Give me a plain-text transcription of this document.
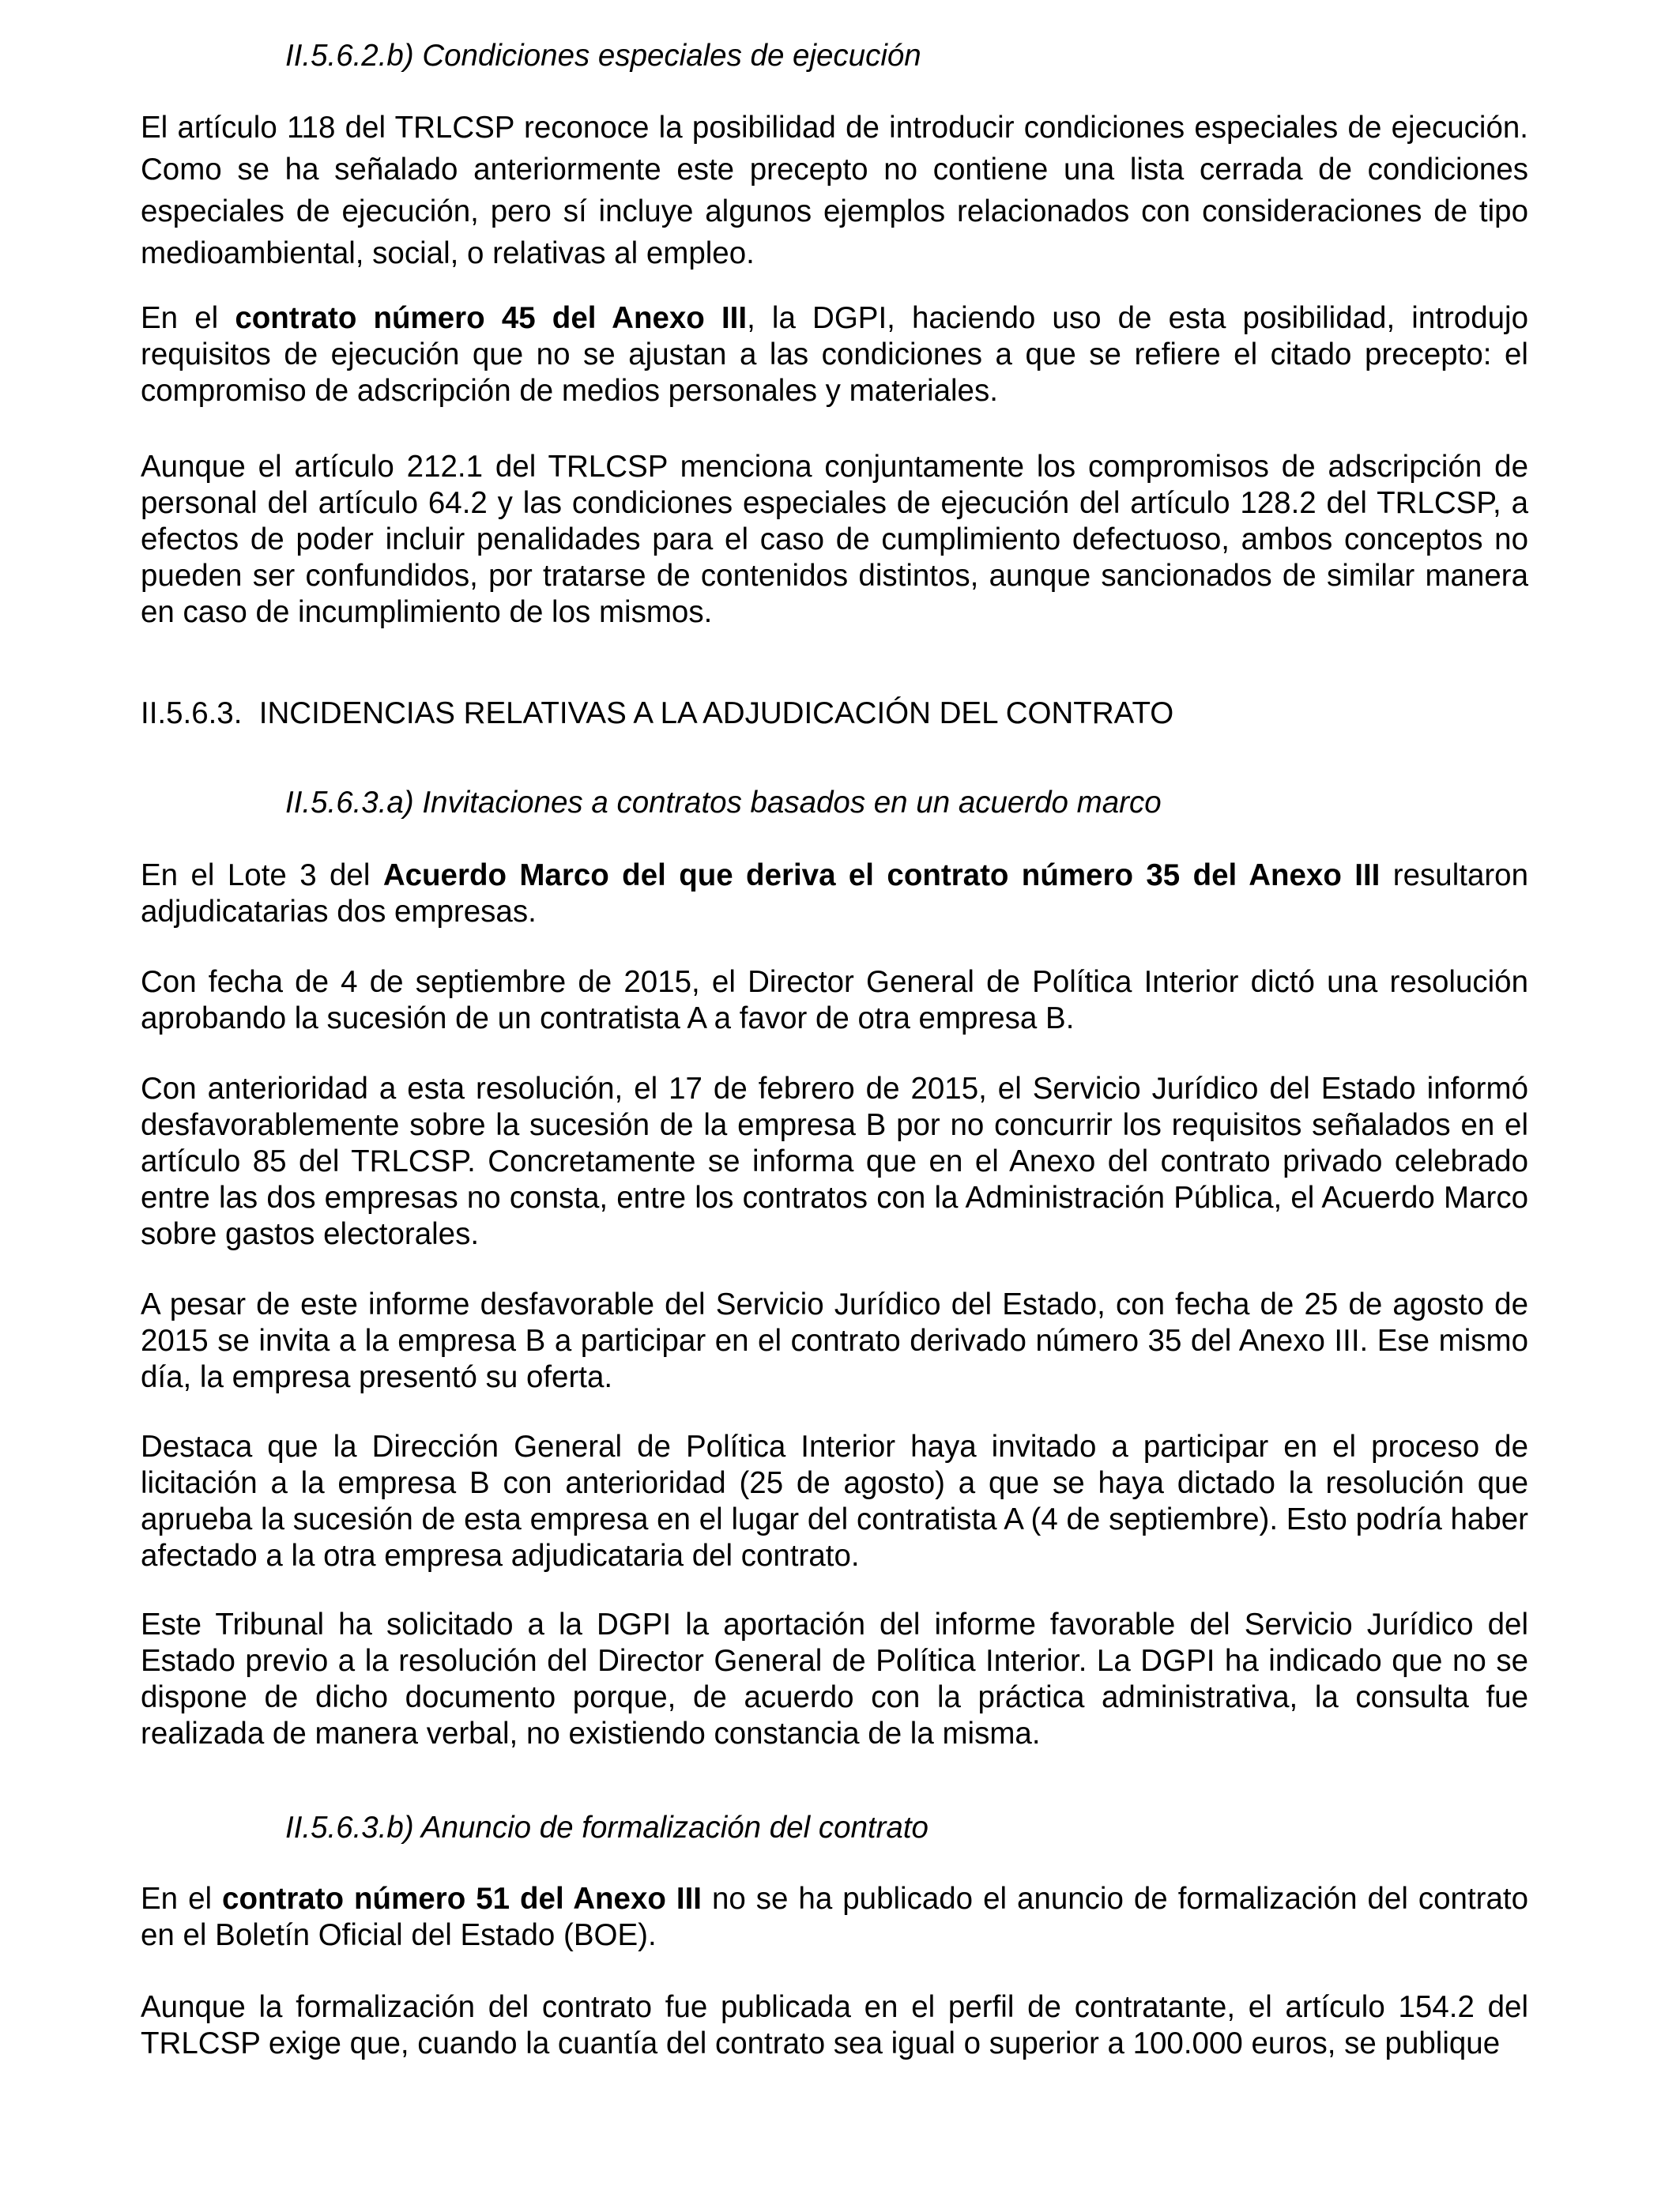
II.5.6.2.b) Condiciones especiales de ejecución

El artículo 118 del TRLCSP reconoce la posibilidad de introducir condiciones especiales de ejecución. Como se ha señalado anteriormente este precepto no contiene una lista cerrada de condiciones especiales de ejecución, pero sí incluye algunos ejemplos relacionados con consideraciones de tipo medioambiental, social, o relativas al empleo.

En el contrato número 45 del Anexo III, la DGPI, haciendo uso de esta posibilidad, introdujo requisitos de ejecución que no se ajustan a las condiciones a que se refiere el citado precepto: el compromiso de adscripción de medios personales y materiales.

Aunque el artículo 212.1 del TRLCSP menciona conjuntamente los compromisos de adscripción de personal del artículo 64.2 y las condiciones especiales de ejecución del artículo 128.2 del TRLCSP, a efectos de poder incluir penalidades para el caso de cumplimiento defectuoso, ambos conceptos no pueden ser confundidos, por tratarse de contenidos distintos, aunque sancionados de similar manera en caso de incumplimiento de los mismos.

II.5.6.3.  INCIDENCIAS RELATIVAS A LA ADJUDICACIÓN DEL CONTRATO

II.5.6.3.a) Invitaciones a contratos basados en un acuerdo marco

En el Lote 3 del Acuerdo Marco del que deriva el contrato número 35 del Anexo III resultaron adjudicatarias dos empresas.

Con fecha de 4 de septiembre de 2015, el Director General de Política Interior dictó una resolución aprobando la sucesión de un contratista A a favor de otra empresa B.

Con anterioridad a esta resolución, el 17 de febrero de 2015, el Servicio Jurídico del Estado informó desfavorablemente sobre la sucesión de la empresa B por no concurrir los requisitos señalados en el artículo 85 del TRLCSP. Concretamente se informa que en el Anexo del contrato privado celebrado entre las dos empresas no consta, entre los contratos con la Administración Pública, el Acuerdo Marco sobre gastos electorales.

A pesar de este informe desfavorable del Servicio Jurídico del Estado, con fecha de 25 de agosto de 2015 se invita a la empresa B a participar en el contrato derivado número 35 del Anexo III. Ese mismo día, la empresa presentó su oferta.

Destaca que la Dirección General de Política Interior haya invitado a participar en el proceso de licitación a la empresa B con anterioridad (25 de agosto) a que se haya dictado la resolución que aprueba la sucesión de esta empresa en el lugar del contratista A (4 de septiembre). Esto podría haber afectado a la otra empresa adjudicataria del contrato.

Este Tribunal ha solicitado a la DGPI la aportación del informe favorable del Servicio Jurídico del Estado previo a la resolución del Director General de Política Interior. La DGPI ha indicado que no se dispone de dicho documento porque, de acuerdo con la práctica administrativa, la consulta fue realizada de manera verbal, no existiendo constancia de la misma.

II.5.6.3.b) Anuncio de formalización del contrato

En el contrato número 51 del Anexo III no se ha publicado el anuncio de formalización del contrato en el Boletín Oficial del Estado (BOE).

Aunque la formalización del contrato fue publicada en el perfil de contratante, el artículo 154.2 del TRLCSP exige que, cuando la cuantía del contrato sea igual o superior a 100.000 euros, se publique
